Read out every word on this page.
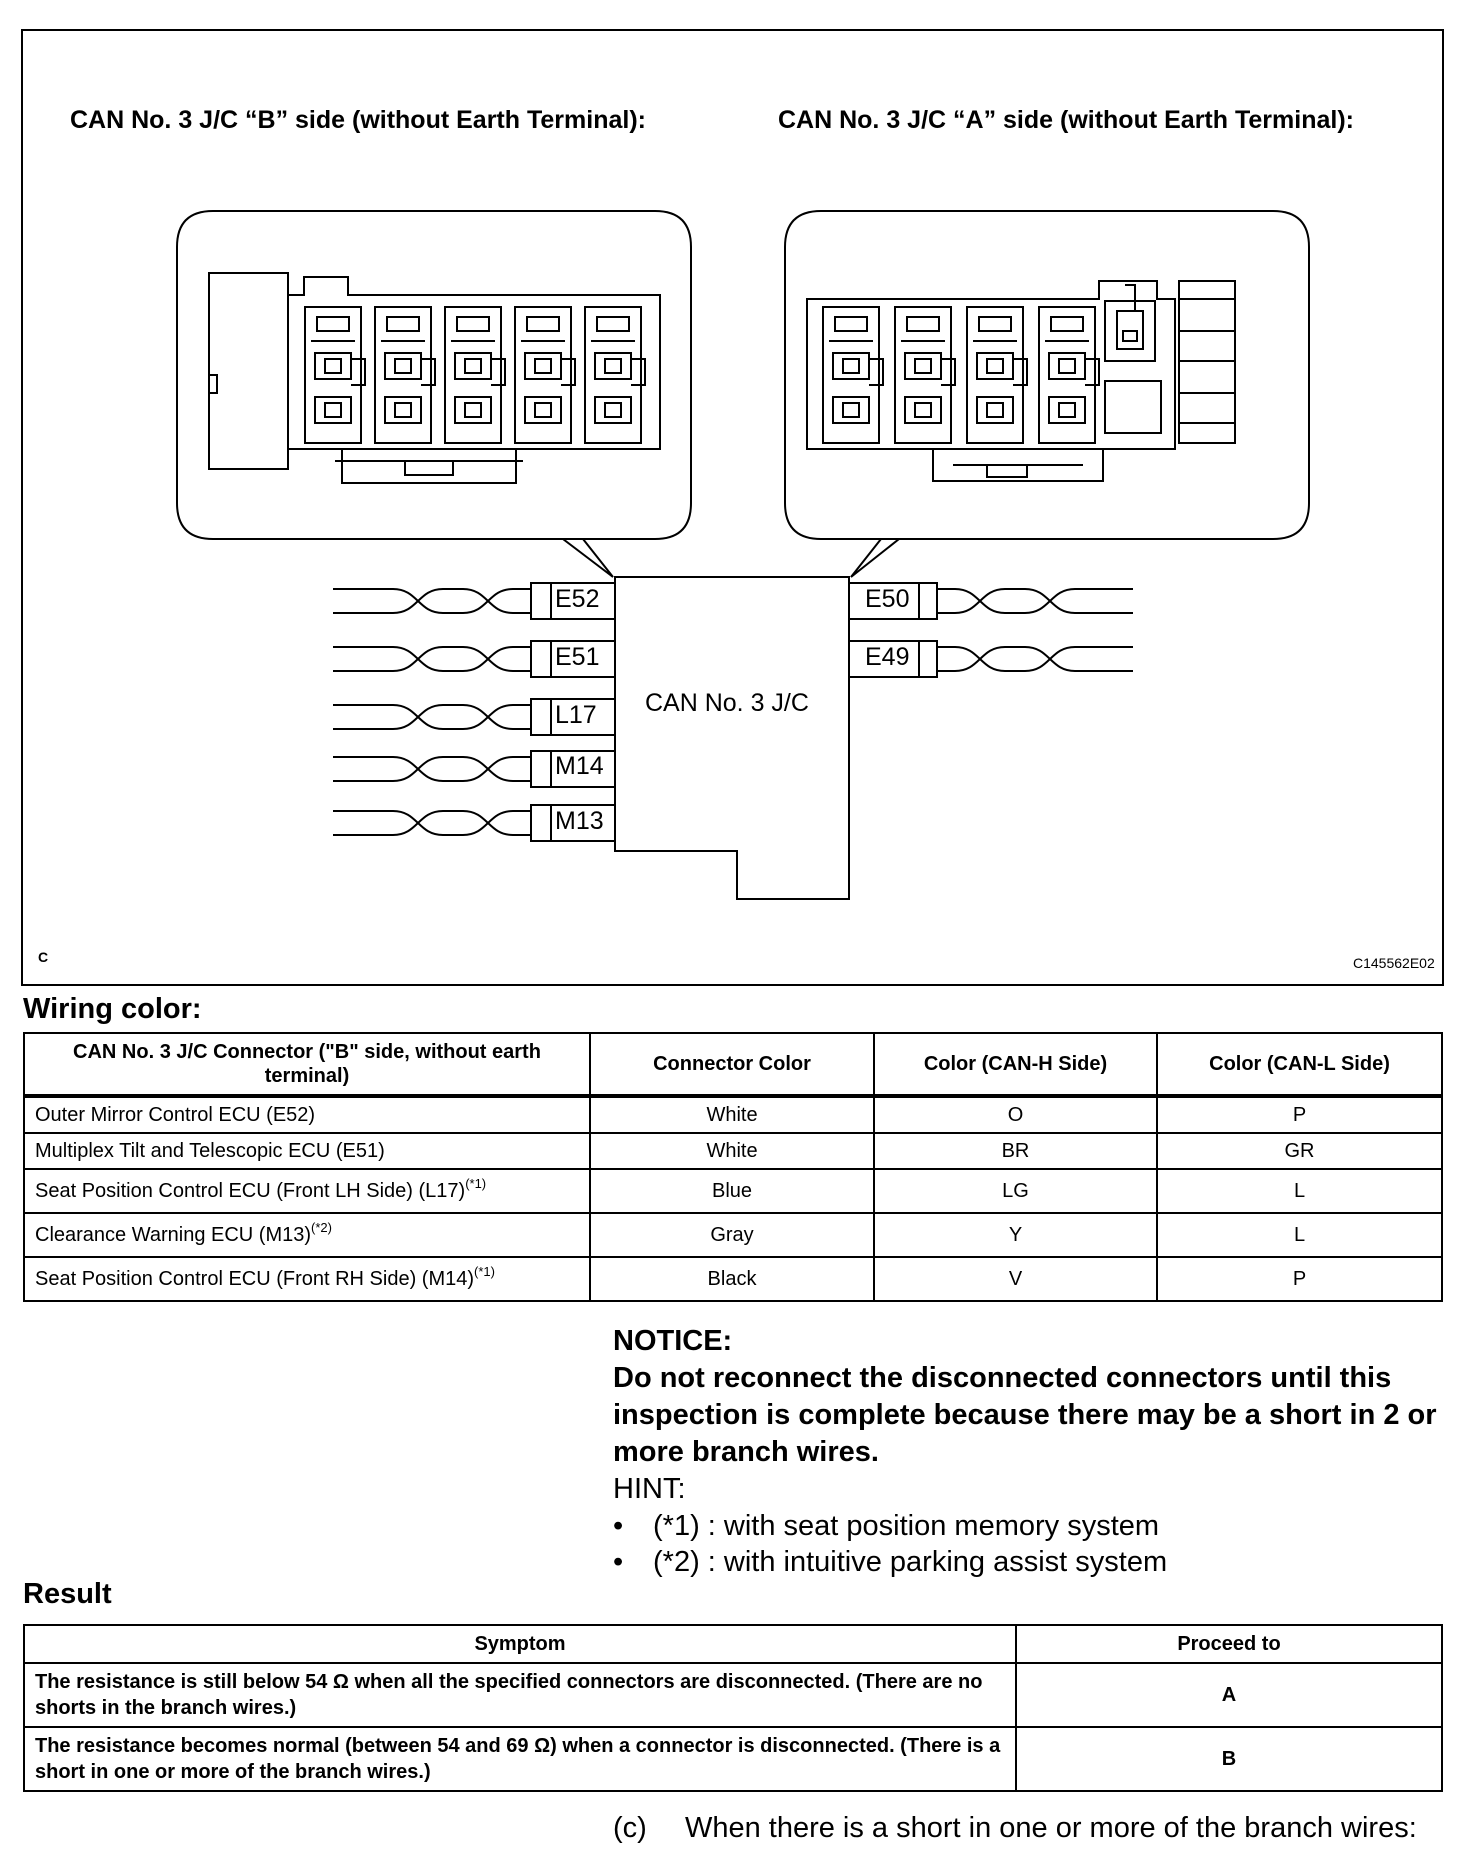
CAN No. 3 J/C “B” side (without Earth Terminal):	CAN No. 3 J/C “A” side (without Earth Terminal):
E52
E51
L17
M14
M13
E50
E49
CAN No. 3 J/C
C	C145562E02
Wiring color:
CAN No. 3 J/C Connector ("B" side, without earth terminal)	Connector Color	Color (CAN-H Side)	Color (CAN-L Side)
Outer Mirror Control ECU (E52)	White	O	P
Multiplex Tilt and Telescopic ECU (E51)	White	BR	GR
Seat Position Control ECU (Front LH Side) $(L17)^{(*1)}$	Blue	LG	L
Clearance Warning ECU $(M13)^{(*2)}$	Gray	Y	L
Seat Position Control ECU (Front RH Side) $(M14)^{(*1)}$	Black	V	P
NOTICE:
Do not reconnect the disconnected connectors until this inspection is complete because there may be a short in 2 or more branch wires.
HINT:
• (*1) : with seat position memory system
• (*2) : with intuitive parking assist system
Result
Symptom	Proceed to
The resistance is still below 54 Ω when all the specified connectors are disconnected. (There are no shorts in the branch wires.)	A
The resistance becomes normal (between 54 and 69 Ω) when a connector is disconnected. (There is a short in one or more of the branch wires.)	B
(c) When there is a short in one or more of the branch wires:
